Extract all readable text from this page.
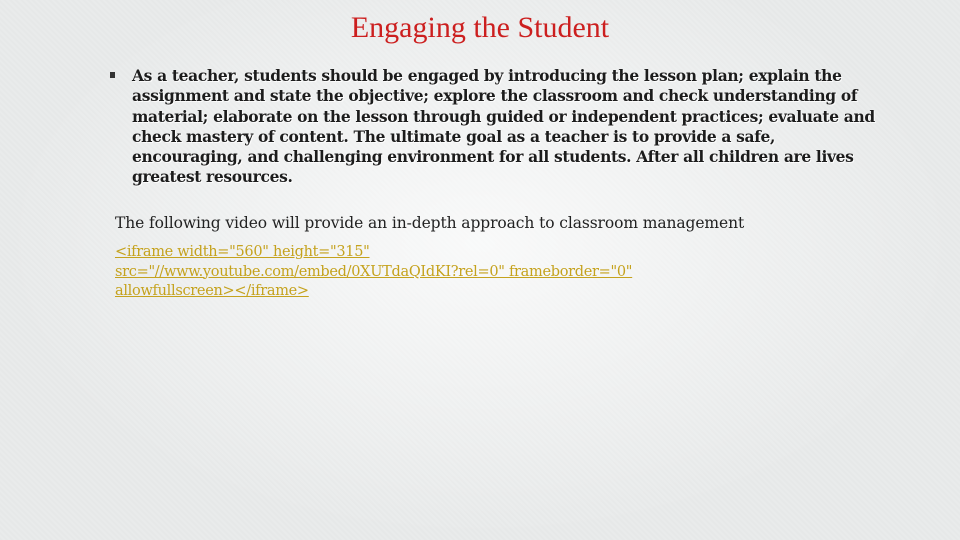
Engaging the Student

As a teacher, students should be engaged by introducing the lesson plan; explain the assignment and state the objective; explore the classroom and check understanding of material; elaborate on the lesson through guided or independent practices; evaluate and check mastery of content. The ultimate goal as a teacher is to provide a safe, encouraging, and challenging environment for all students. After all children are lives greatest resources.

The following video will provide an in-depth approach to classroom management
<iframe width="560" height="315"
src="//www.youtube.com/embed/0XUTdaQIdKI?rel=0" frameborder="0"
allowfullscreen></iframe>
